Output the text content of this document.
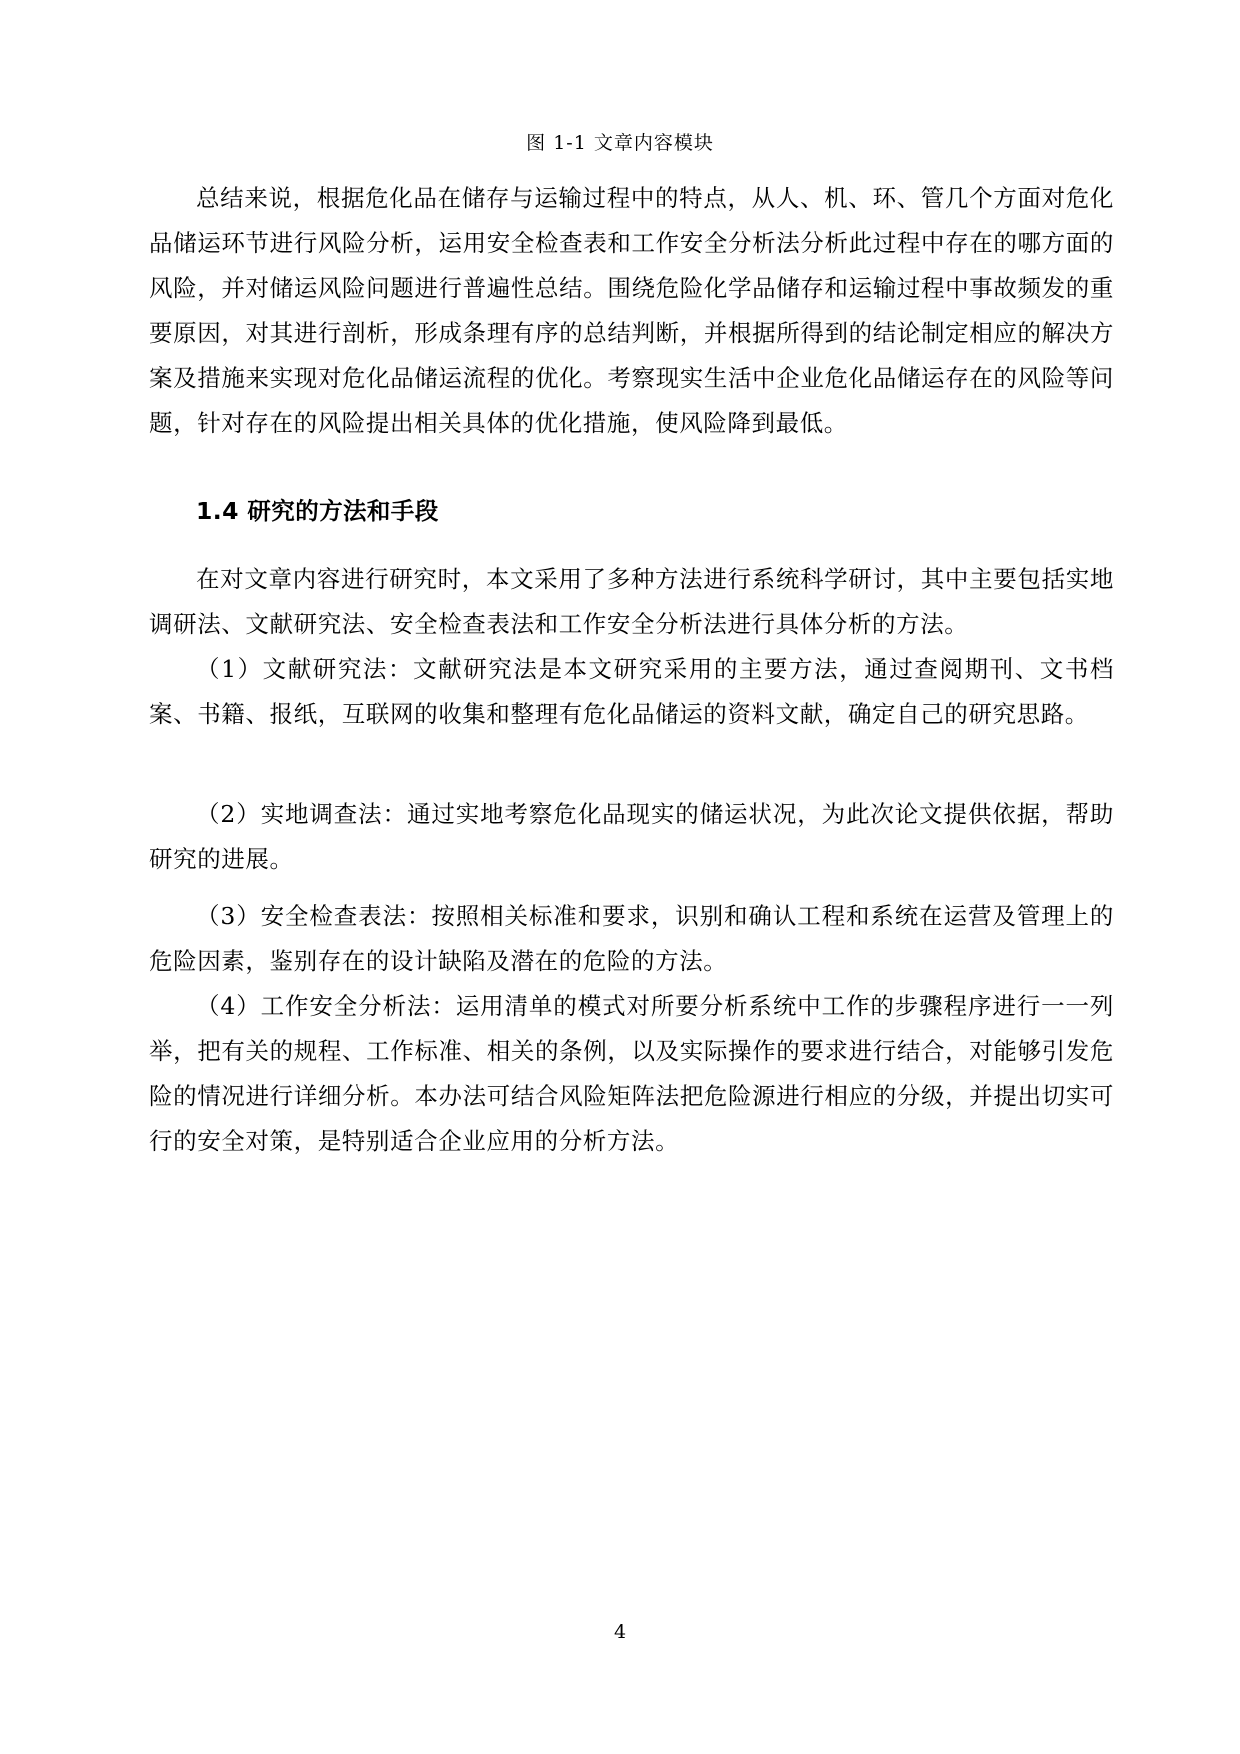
图 1-1 文章内容模块

总结来说，根据危化品在储存与运输过程中的特点，从人、机、环、管几个方面对危化品储运环节进行风险分析，运用安全检查表和工作安全分析法分析此过程中存在的哪方面的风险，并对储运风险问题进行普遍性总结。围绕危险化学品储存和运输过程中事故频发的重要原因，对其进行剖析，形成条理有序的总结判断，并根据所得到的结论制定相应的解决方案及措施来实现对危化品储运流程的优化。考察现实生活中企业危化品储运存在的风险等问题，针对存在的风险提出相关具体的优化措施，使风险降到最低。

1.4 研究的方法和手段

在对文章内容进行研究时，本文采用了多种方法进行系统科学研讨，其中主要包括实地调研法、文献研究法、安全检查表法和工作安全分析法进行具体分析的方法。

（1）文献研究法：文献研究法是本文研究采用的主要方法，通过查阅期刊、文书档案、书籍、报纸，互联网的收集和整理有危化品储运的资料文献，确定自己的研究思路。

（2）实地调查法：通过实地考察危化品现实的储运状况，为此次论文提供依据，帮助研究的进展。

（3）安全检查表法：按照相关标准和要求，识别和确认工程和系统在运营及管理上的危险因素，鉴别存在的设计缺陷及潜在的危险的方法。

（4）工作安全分析法：运用清单的模式对所要分析系统中工作的步骤程序进行一一列举，把有关的规程、工作标准、相关的条例，以及实际操作的要求进行结合，对能够引发危险的情况进行详细分析。本办法可结合风险矩阵法把危险源进行相应的分级，并提出切实可行的安全对策，是特别适合企业应用的分析方法。

4
